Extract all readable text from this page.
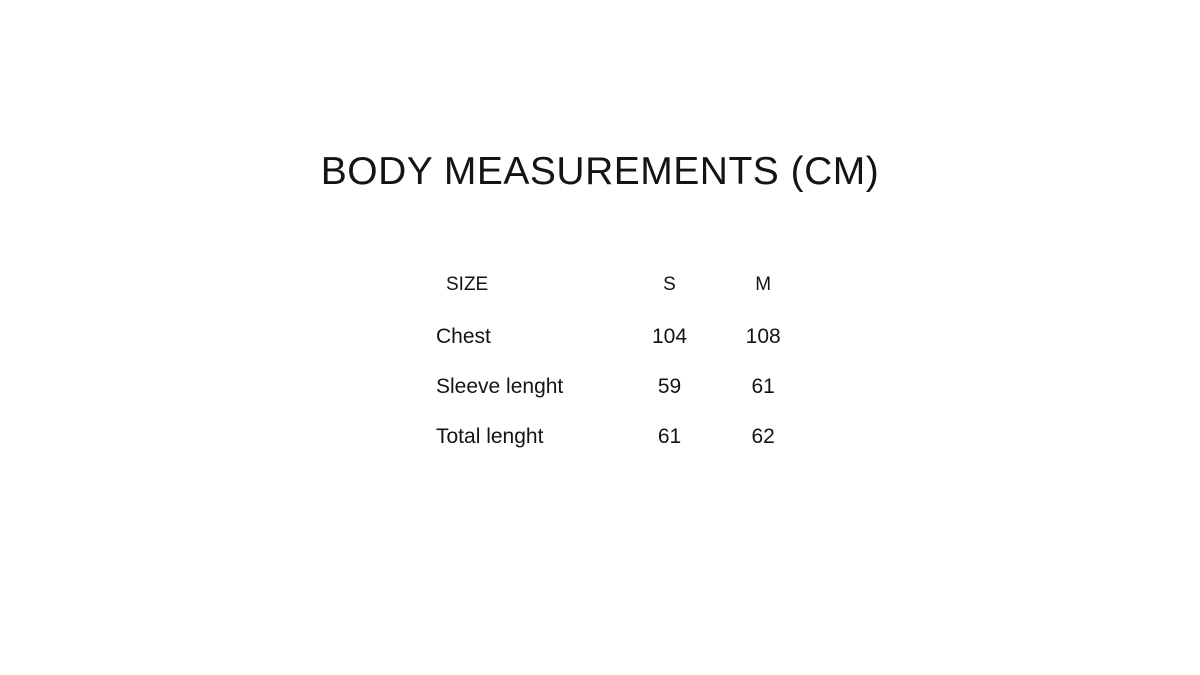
BODY MEASUREMENTS (CM)
SIZE	S	M
Chest	104	108
Sleeve lenght	59	61
Total lenght	61	62
